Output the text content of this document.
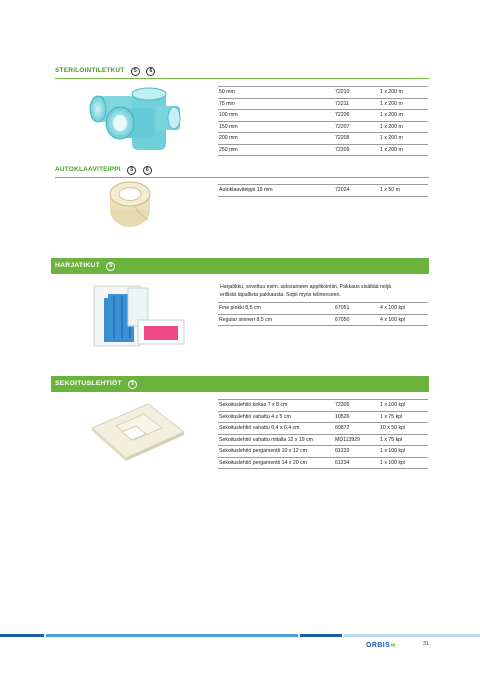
STERILOINTILETKUT 5	6
50 mm	72210	1 x 200 m
75 mm	72211	1 x 200 m
100 mm	72206	1 x 200 m
150 mm	72207	1 x 200 m
200 mm	72208	1 x 200 m
250 mm	72209	1 x 200 m
AUTOKLAAVITEIPPI 5	6
Autoklaaviteippi 19 mm	72024	1 x 50 m
HARJATIKUT 5
Harjatikku, soveltuu esim. sidosaineen applikointiin. Pakkaus sisältää neljä
erillistä täpallista pakkausta. Sopii myös telineeseen.
Fine pinkki 8,5 cm	67051	4 x 100 kpl
Regular sininen 8,5 cm	67050	4 x 100 kpl
SEKOITUSLEHTIÖT 5
Sekoituslehtiö kirkas 7 x 8 cm	72305	1 x 100 kpl
Sekoituslehtiö vahattu 4 x 5 cm	10526	1 x 75 kpl
Sekoituslehtiö vahattu 6,4 x 6,4 cm	60872	10 x 50 kpl
Sekoituslehtiö vahattu mitalla 12 x 19 cm	MD113929	1 x 75 kpl
Sekoituslehtiö pergamentti 10 x 12 cm	61233	1 x 100 kpl
Sekoituslehtiö pergamentti 14 x 20 cm	61234	1 x 100 kpl
ORBIS›››	31
